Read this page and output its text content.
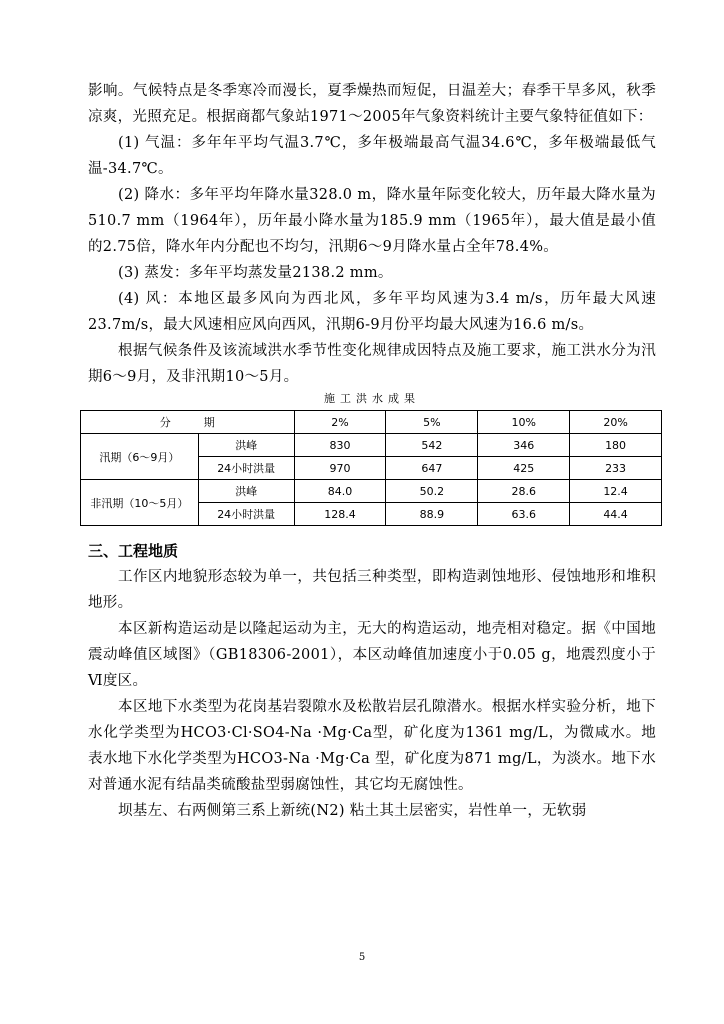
影响。气候特点是冬季寒冷而漫长，夏季燥热而短促，日温差大；春季干旱多风，秋季凉爽，光照充足。根据商都气象站1971～2005年气象资料统计主要气象特征值如下：

(1) 气温：多年年平均气温3.7℃，多年极端最高气温34.6℃，多年极端最低气温-34.7℃。

(2) 降水：多年平均年降水量328.0 m，降水量年际变化较大，历年最大降水量为510.7 mm（1964年），历年最小降水量为185.9 mm（1965年），最大值是最小值的2.75倍，降水年内分配也不均匀，汛期6～9月降水量占全年78.4%。

(3) 蒸发：多年平均蒸发量2138.2 mm。

(4) 风：本地区最多风向为西北风，多年平均风速为3.4 m/s，历年最大风速23.7m/s，最大风速相应风向西风，汛期6-9月份平均最大风速为16.6 m/s。

根据气候条件及该流域洪水季节性变化规律成因特点及施工要求，施工洪水分为汛期6～9月，及非汛期10～5月。

施工洪水成果
分　　　期		2%	5%	10%	20%
汛期（6～9月）	洪峰	830	542	346	180
	24小时洪量	970	647	425	233
非汛期（10～5月）	洪峰	84.0	50.2	28.6	12.4
	24小时洪量	128.4	88.9	63.6	44.4
三、工程地质

工作区内地貌形态较为单一，共包括三种类型，即构造剥蚀地形、侵蚀地形和堆积地形。

本区新构造运动是以隆起运动为主，无大的构造运动，地壳相对稳定。据《中国地震动峰值区域图》（GB18306-2001），本区动峰值加速度小于0.05 g，地震烈度小于Ⅵ度区。

本区地下水类型为花岗基岩裂隙水及松散岩层孔隙潜水。根据水样实验分析，地下水化学类型为HCO3·Cl·SO4-Na ·Mg·Ca型，矿化度为1361 mg/L，为微咸水。地表水地下水化学类型为HCO3-Na ·Mg·Ca 型，矿化度为871 mg/L，为淡水。地下水对普通水泥有结晶类硫酸盐型弱腐蚀性，其它均无腐蚀性。

坝基左、右两侧第三系上新统(N2) 粘土其土层密实，岩性单一，无软弱

5
